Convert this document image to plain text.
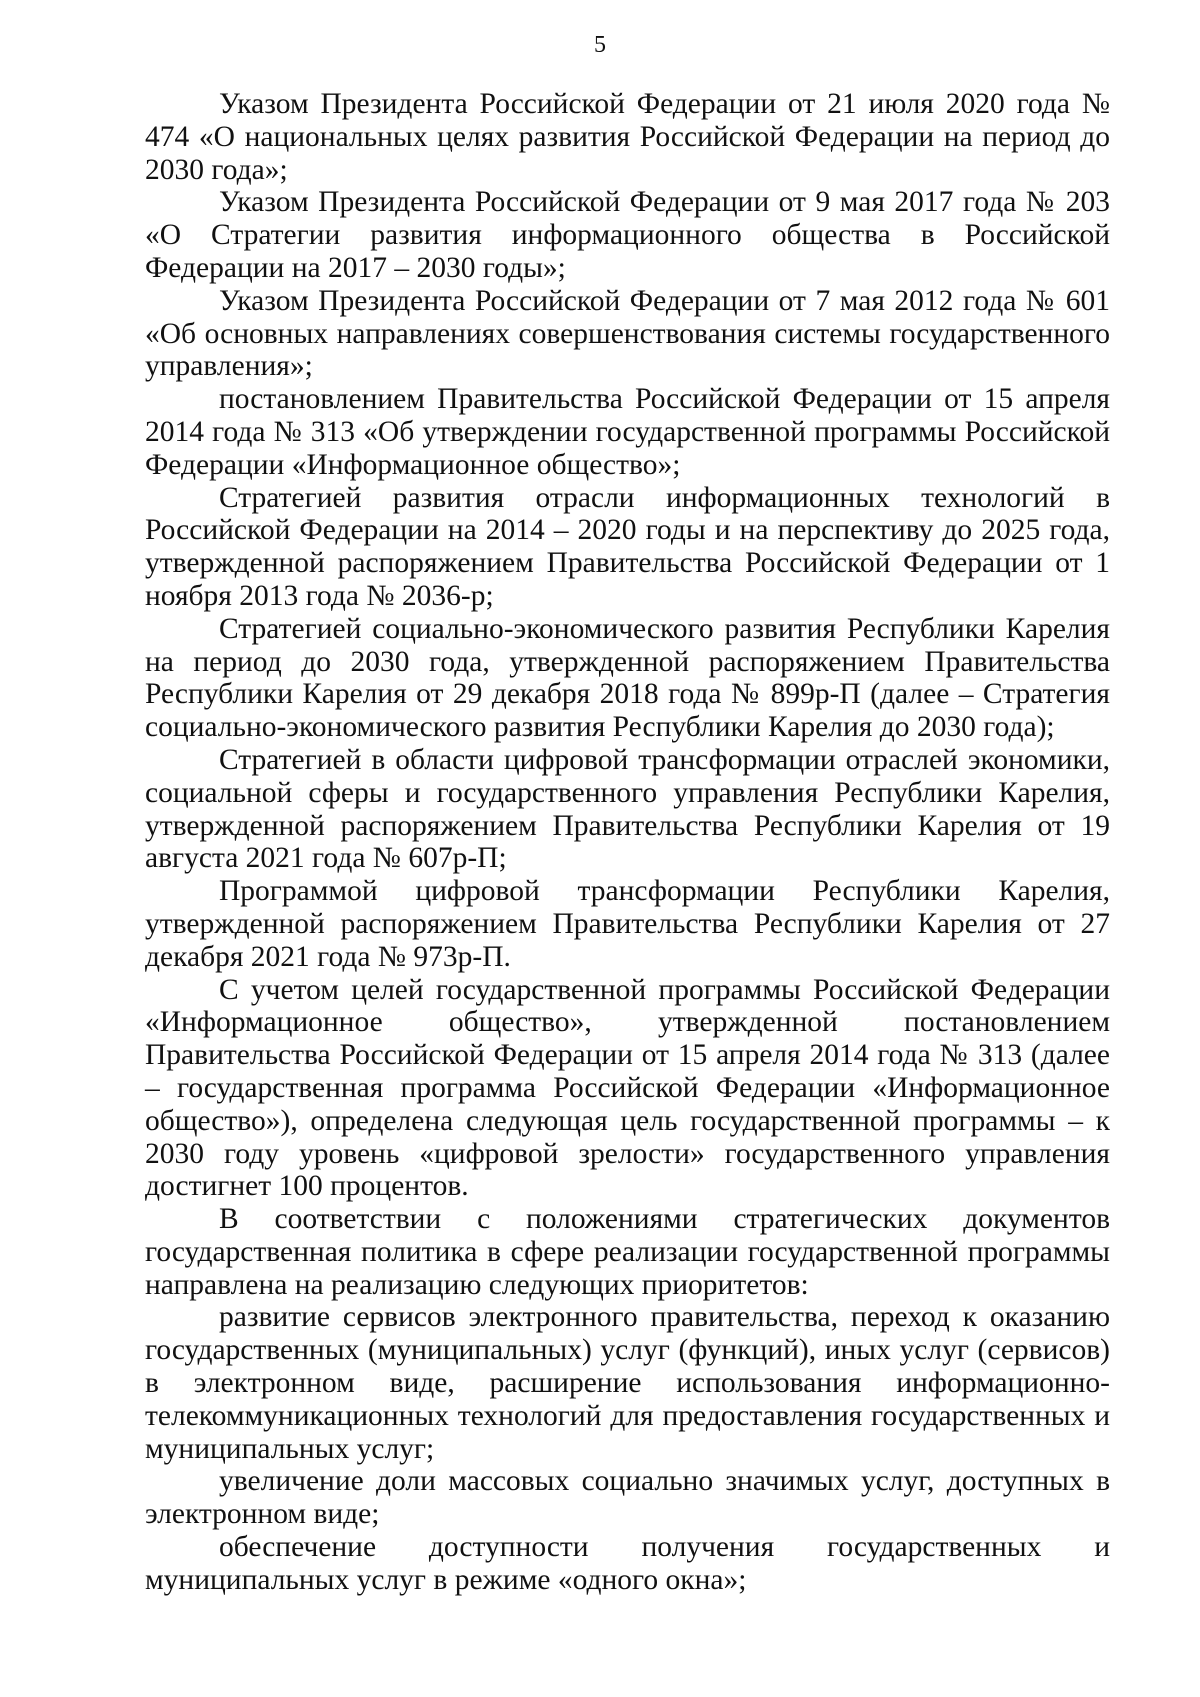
5

Указом Президента Российской Федерации от 21 июля 2020 года № 474 «О национальных целях развития Российской Федерации на период до 2030 года»;

Указом Президента Российской Федерации от 9 мая 2017 года № 203 «О Стратегии развития информационного общества в Российской Федерации на 2017 – 2030 годы»;

Указом Президента Российской Федерации от 7 мая 2012 года № 601 «Об основных направлениях совершенствования системы государственного управления»;

постановлением Правительства Российской Федерации от 15 апреля 2014 года № 313 «Об утверждении государственной программы Российской Федерации «Информационное общество»;

Стратегией развития отрасли информационных технологий в Российской Федерации на 2014 – 2020 годы и на перспективу до 2025 года, утвержденной распоряжением Правительства Российской Федерации от 1 ноября 2013 года № 2036-р;

Стратегией социально-экономического развития Республики Карелия на период до 2030 года, утвержденной распоряжением Правительства Республики Карелия от 29 декабря 2018 года № 899р-П (далее – Стратегия социально-экономического развития Республики Карелия до 2030 года);

Стратегией в области цифровой трансформации отраслей экономики, социальной сферы и государственного управления Республики Карелия, утвержденной распоряжением Правительства Республики Карелия от 19 августа 2021 года № 607р-П;

Программой цифровой трансформации Республики Карелия, утвержденной распоряжением Правительства Республики Карелия от 27 декабря 2021 года № 973р-П.

С учетом целей государственной программы Российской Федерации «Информационное общество», утвержденной постановлением Правительства Российской Федерации от 15 апреля 2014 года № 313 (далее – государственная программа Российской Федерации «Информационное общество»), определена следующая цель государственной программы – к 2030 году уровень «цифровой зрелости» государственного управления достигнет 100 процентов.

В соответствии с положениями стратегических документов государственная политика в сфере реализации государственной программы направлена на реализацию следующих приоритетов:

развитие сервисов электронного правительства, переход к оказанию государственных (муниципальных) услуг (функций), иных услуг (сервисов) в электронном виде, расширение использования информационно-телекоммуникационных технологий для предоставления государственных и муниципальных услуг;

увеличение доли массовых социально значимых услуг, доступных в электронном виде;

обеспечение доступности получения государственных и муниципальных услуг в режиме «одного окна»;
